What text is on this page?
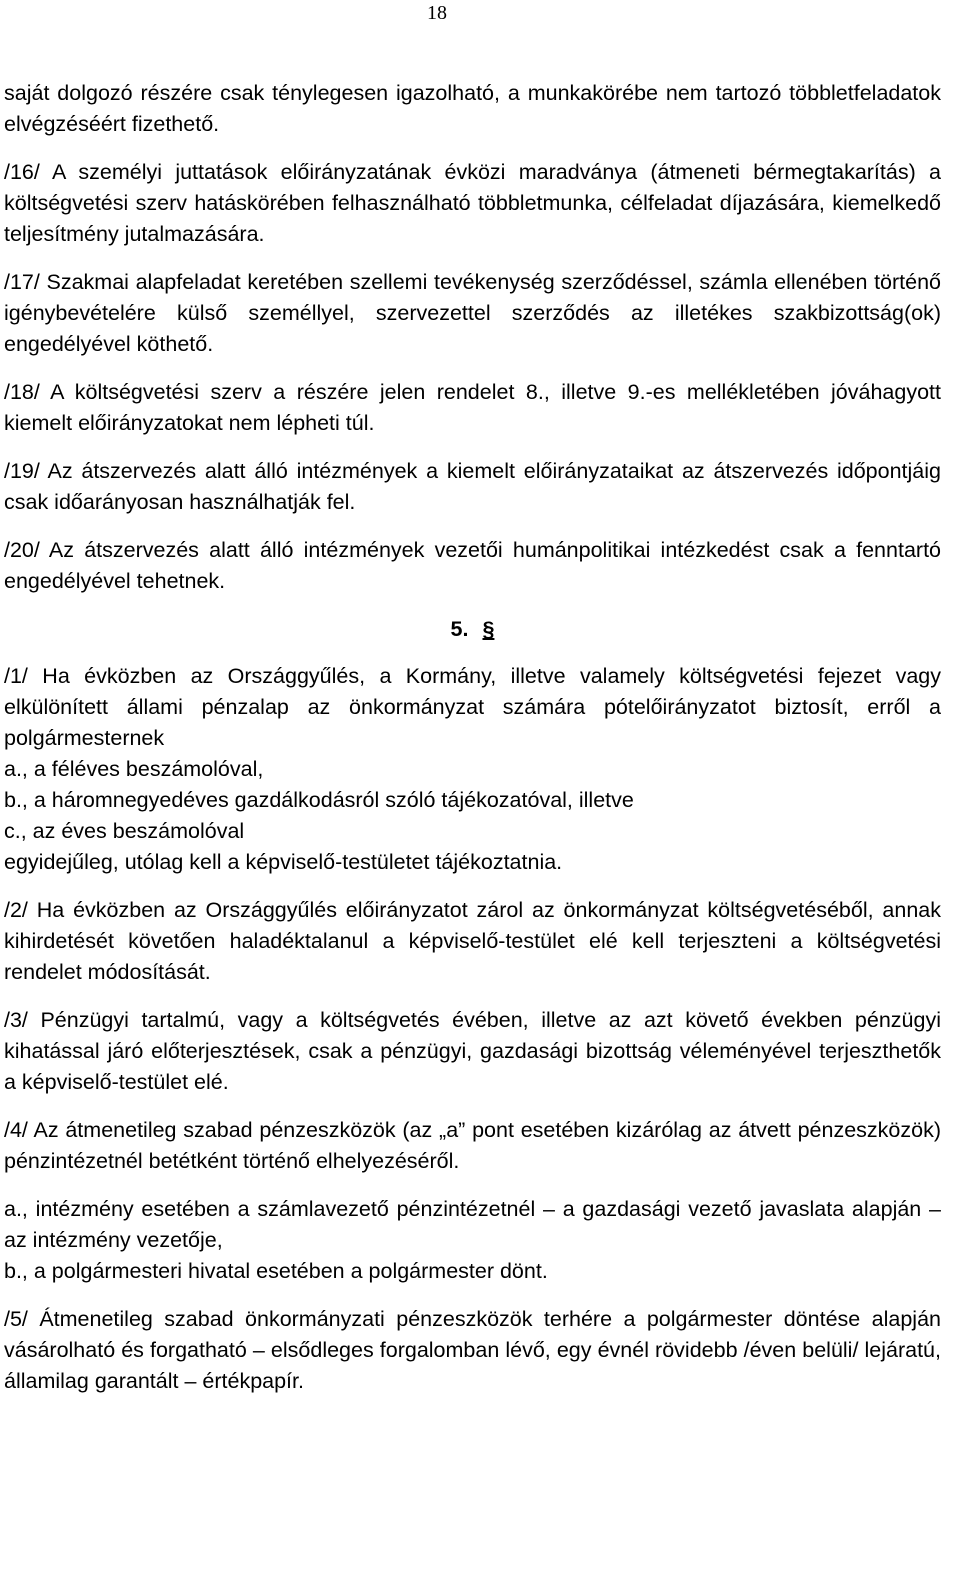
18

saját dolgozó részére csak ténylegesen igazolható, a munkakörébe nem tartozó többletfeladatok elvégzéséért fizethető.

/16/ A személyi juttatások előirányzatának évközi maradványa (átmeneti bérmegtakarítás) a költségvetési szerv hatáskörében felhasználható többletmunka, célfeladat díjazására, kiemelkedő teljesítmény jutalmazására.

/17/ Szakmai alapfeladat keretében szellemi tevékenység szerződéssel, számla ellenében történő igénybevételére külső személlyel, szervezettel szerződés az illetékes szakbizottság(ok) engedélyével köthető.

/18/ A költségvetési szerv a részére jelen rendelet 8., illetve 9.-es mellékletében jóváhagyott kiemelt előirányzatokat nem lépheti túl.

/19/ Az átszervezés alatt álló intézmények a kiemelt előirányzataikat az átszervezés időpontjáig csak időarányosan használhatják fel.

/20/ Az átszervezés alatt álló intézmények vezetői humánpolitikai intézkedést csak a fenntartó engedélyével tehetnek.

5. §
/1/ Ha évközben az Országgyűlés, a Kormány, illetve valamely költségvetési fejezet vagy elkülönített állami pénzalap az önkormányzat számára pótelőirányzatot biztosít, erről a polgármesternek
a., a féléves beszámolóval,
b., a háromnegyedéves gazdálkodásról szóló tájékozatóval, illetve
c., az éves beszámolóval
egyidejűleg, utólag kell a képviselő-testületet tájékoztatnia.

/2/ Ha évközben az Országgyűlés előirányzatot zárol az önkormányzat költségvetéséből, annak kihirdetését követően haladéktalanul a képviselő-testület elé kell terjeszteni a költségvetési rendelet módosítását.

/3/ Pénzügyi tartalmú, vagy a költségvetés évében, illetve az azt követő években pénzügyi kihatással járó előterjesztések, csak a pénzügyi, gazdasági bizottság véleményével terjeszthetők a képviselő-testület elé.

/4/ Az átmenetileg szabad pénzeszközök (az „a” pont esetében kizárólag az átvett pénzeszközök) pénzintézetnél betétként történő elhelyezéséről.

a., intézmény esetében a számlavezető pénzintézetnél – a gazdasági vezető javaslata alapján – az intézmény vezetője,
b., a polgármesteri hivatal esetében a polgármester dönt.

/5/ Átmenetileg szabad önkormányzati pénzeszközök terhére a polgármester döntése alapján vásárolható és forgatható – elsődleges forgalomban lévő, egy évnél rövidebb /éven belüli/ lejáratú, államilag garantált – értékpapír.
